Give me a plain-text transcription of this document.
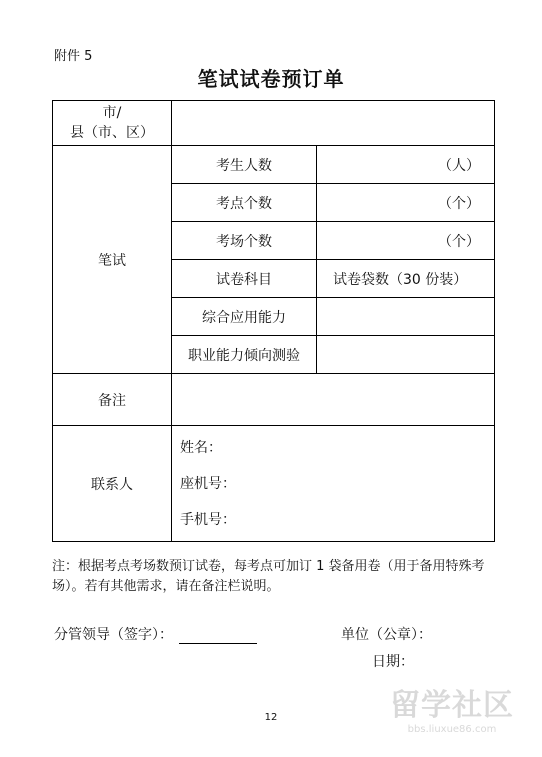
附件 5
笔试试卷预订单
市/
县（市、区）		

笔试	考生人数	（人）
	考点个数	（个）
	考场个数	（个）
	试卷科目	试卷袋数（30 份装）
	综合应用能力	
	职业能力倾向测验	
备注		
联系人	姓名：
座机号：
手机号：	
注：根据考点考场数预订试卷，每考点可加订 1 袋备用卷（用于备用特殊考场）。若有其他需求，请在备注栏说明。
分管领导（签字）：	单位（公章）：
日期：
12	留学社区
bbs.liuxue86.com
